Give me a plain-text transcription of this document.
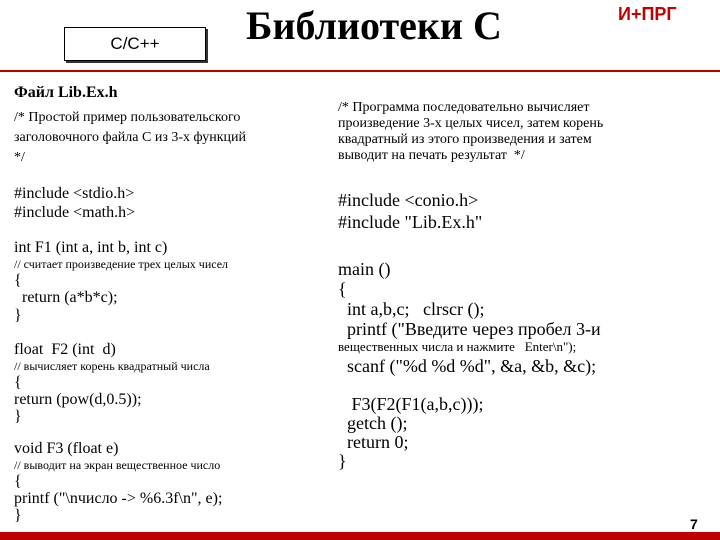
C/C++	Библиотеки С	И+ПРГ
Файл Lib.Ex.h
/* Простой пример пользовательского
заголовочного файла С из 3-х функций
*/
#include <stdio.h>
#include <math.h>
int F1 (int a, int b, int c)
// считает произведение трех целых чисел
{
return (a*b*c);
}
float  F2 (int  d)
// вычисляет корень квадратный числа
{
return (pow(d,0.5));
}
void F3 (float e)
// выводит на экран вещественное число
{
printf ("\nчисло -> %6.3f\n", e);
}
/* Программа последовательно вычисляет
произведение 3-х целых чисел, затем корень
квадратный из этого произведения и затем
выводит на печать результат  */
#include <conio.h>
#include "Lib.Ex.h"
main ()
{
int a,b,c;   clrscr ();
printf ("Введите через пробел 3-и
вещественных числа и нажмите   Enter\n");
scanf ("%d %d %d", &a, &b, &c);
F3(F2(F1(a,b,c)));
getch ();
return 0;
}
7
